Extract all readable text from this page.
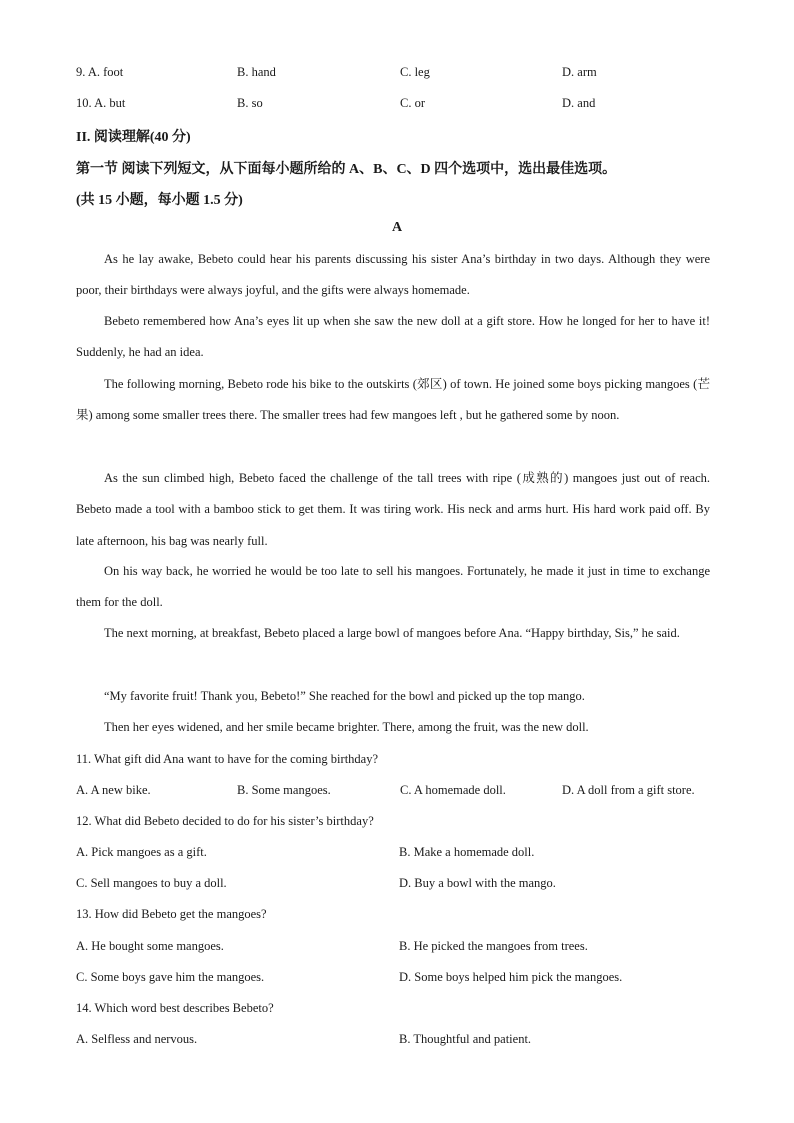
9. A. foot	B. hand	C. leg	D. arm
10. A. but	B. so	C. or	D. and
II. 阅读理解(40 分)
第一节 阅读下列短文，从下面每小题所给的 A、B、C、D 四个选项中，选出最佳选项。
(共 15 小题，每小题 1.5 分)
A
As he lay awake, Bebeto could hear his parents discussing his sister Ana’s birthday in two days. Although they were poor, their birthdays were always joyful, and the gifts were always homemade.
Bebeto remembered how Ana’s eyes lit up when she saw the new doll at a gift store. How he longed for her to have it! Suddenly, he had an idea.
The following morning, Bebeto rode his bike to the outskirts (郊区) of town. He joined some boys picking mangoes (芒果) among some smaller trees there. The smaller trees had few mangoes left , but he gathered some by noon.
As the sun climbed high, Bebeto faced the challenge of the tall trees with ripe (成熟的) mangoes just out of reach. Bebeto made a tool with a bamboo stick to get them. It was tiring work. His neck and arms hurt. His hard work paid off. By late afternoon, his bag was nearly full.
On his way back, he worried he would be too late to sell his mangoes. Fortunately, he made it just in time to exchange them for the doll.
The next morning, at breakfast, Bebeto placed a large bowl of mangoes before Ana. “Happy birthday, Sis,” he said.
“My favorite fruit! Thank you, Bebeto!” She reached for the bowl and picked up the top mango.
Then her eyes widened, and her smile became brighter. There, among the fruit, was the new doll.
11. What gift did Ana want to have for the coming birthday?
A. A new bike.	B. Some mangoes.	C. A homemade doll.	D. A doll from a gift store.
12. What did Bebeto decided to do for his sister’s birthday?
A. Pick mangoes as a gift.	B. Make a homemade doll.
C. Sell mangoes to buy a doll.	D. Buy a bowl with the mango.
13. How did Bebeto get the mangoes?
A. He bought some mangoes.	B. He picked the mangoes from trees.
C. Some boys gave him the mangoes.	D. Some boys helped him pick the mangoes.
14. Which word best describes Bebeto?
A. Selfless and nervous.	B. Thoughtful and patient.
